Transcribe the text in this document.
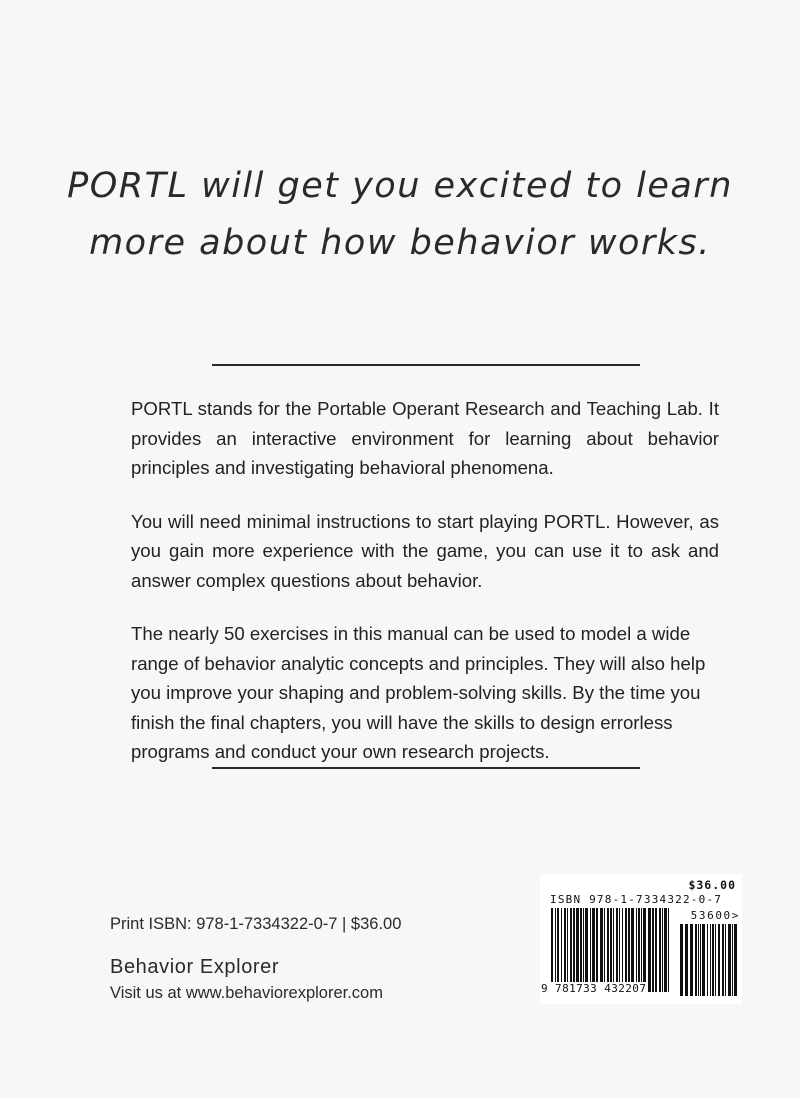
PORTL will get you excited to learn
more about how behavior works.

PORTL stands for the Portable Operant Research and Teaching Lab. It provides an interactive environment for learning about behavior principles and investigating behavioral phenomena.

You will need minimal instructions to start playing PORTL. However, as you gain more experience with the game, you can use it to ask and answer complex questions about behavior.

The nearly 50 exercises in this manual can be used to model a wide range of behavior analytic concepts and principles. They will also help you improve your shaping and problem-solving skills. By the time you finish the final chapters, you will have the skills to design errorless programs and conduct your own research projects.

Print ISBN: 978-1-7334322-0-7 | $36.00
Behavior Explorer
Visit us at www.behaviorexplorer.com
$36.00
ISBN 978-1-7334322-0-7
53600>
9 781733 432207
